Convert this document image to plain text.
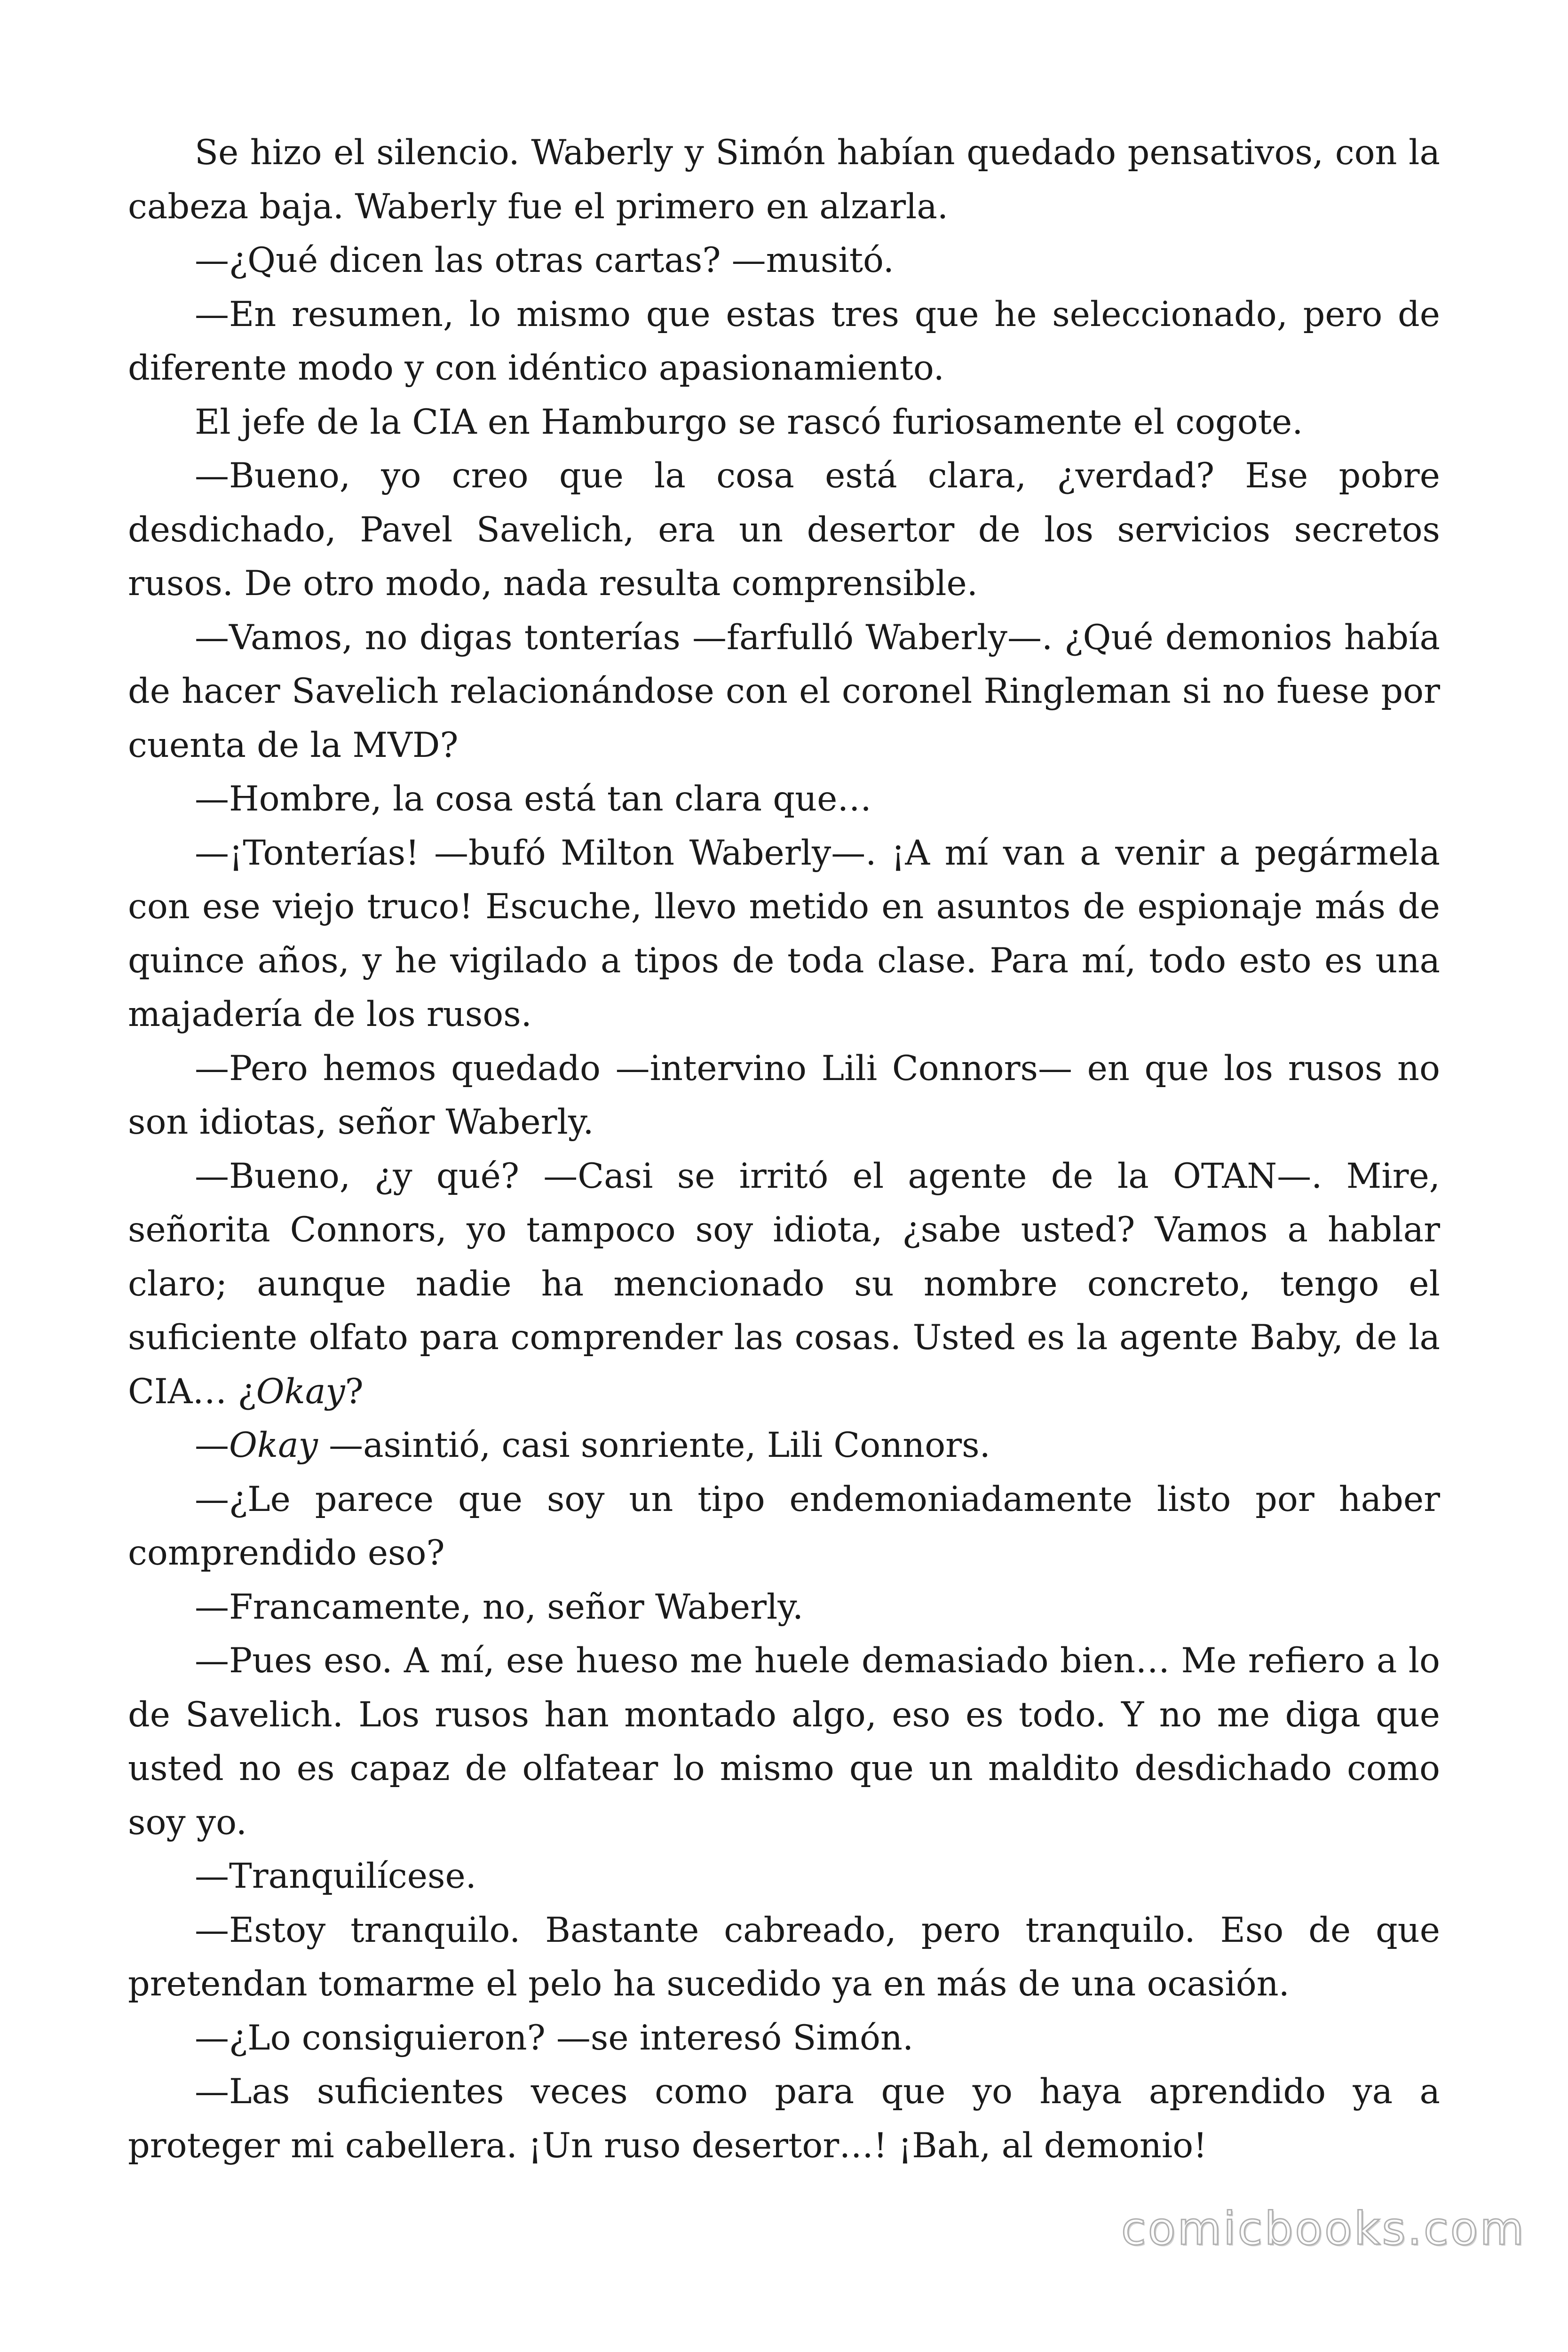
Se hizo el silencio. Waberly y Simón habían quedado pensativos, con la cabeza baja. Waberly fue el primero en alzarla.

—¿Qué dicen las otras cartas? —musitó.

—En resumen, lo mismo que estas tres que he seleccionado, pero de diferente modo y con idéntico apasionamiento.

El jefe de la CIA en Hamburgo se rascó furiosamente el cogote.

—Bueno, yo creo que la cosa está clara, ¿verdad? Ese pobre desdichado, Pavel Savelich, era un desertor de los servicios secretos rusos. De otro modo, nada resulta comprensible.

—Vamos, no digas tonterías —farfulló Waberly—. ¿Qué demonios había de hacer Savelich relacionándose con el coronel Ringleman si no fuese por cuenta de la MVD?

—Hombre, la cosa está tan clara que…

—¡Tonterías! —bufó Milton Waberly—. ¡A mí van a venir a pegármela con ese viejo truco! Escuche, llevo metido en asuntos de espionaje más de quince años, y he vigilado a tipos de toda clase. Para mí, todo esto es una majadería de los rusos.

—Pero hemos quedado —intervino Lili Connors— en que los rusos no son idiotas, señor Waberly.

—Bueno, ¿y qué? —Casi se irritó el agente de la OTAN—. Mire, señorita Connors, yo tampoco soy idiota, ¿sabe usted? Vamos a hablar claro; aunque nadie ha mencionado su nombre concreto, tengo el suficiente olfato para comprender las cosas. Usted es la agente Baby, de la CIA… ¿Okay?

—Okay —asintió, casi sonriente, Lili Connors.

—¿Le parece que soy un tipo endemoniadamente listo por haber comprendido eso?

—Francamente, no, señor Waberly.

—Pues eso. A mí, ese hueso me huele demasiado bien… Me refiero a lo de Savelich. Los rusos han montado algo, eso es todo. Y no me diga que usted no es capaz de olfatear lo mismo que un maldito desdichado como soy yo.

—Tranquilícese.

—Estoy tranquilo. Bastante cabreado, pero tranquilo. Eso de que pretendan tomarme el pelo ha sucedido ya en más de una ocasión.

—¿Lo consiguieron? —se interesó Simón.

—Las suficientes veces como para que yo haya aprendido ya a proteger mi cabellera. ¡Un ruso desertor…! ¡Bah, al demonio!

comicbooks.com
